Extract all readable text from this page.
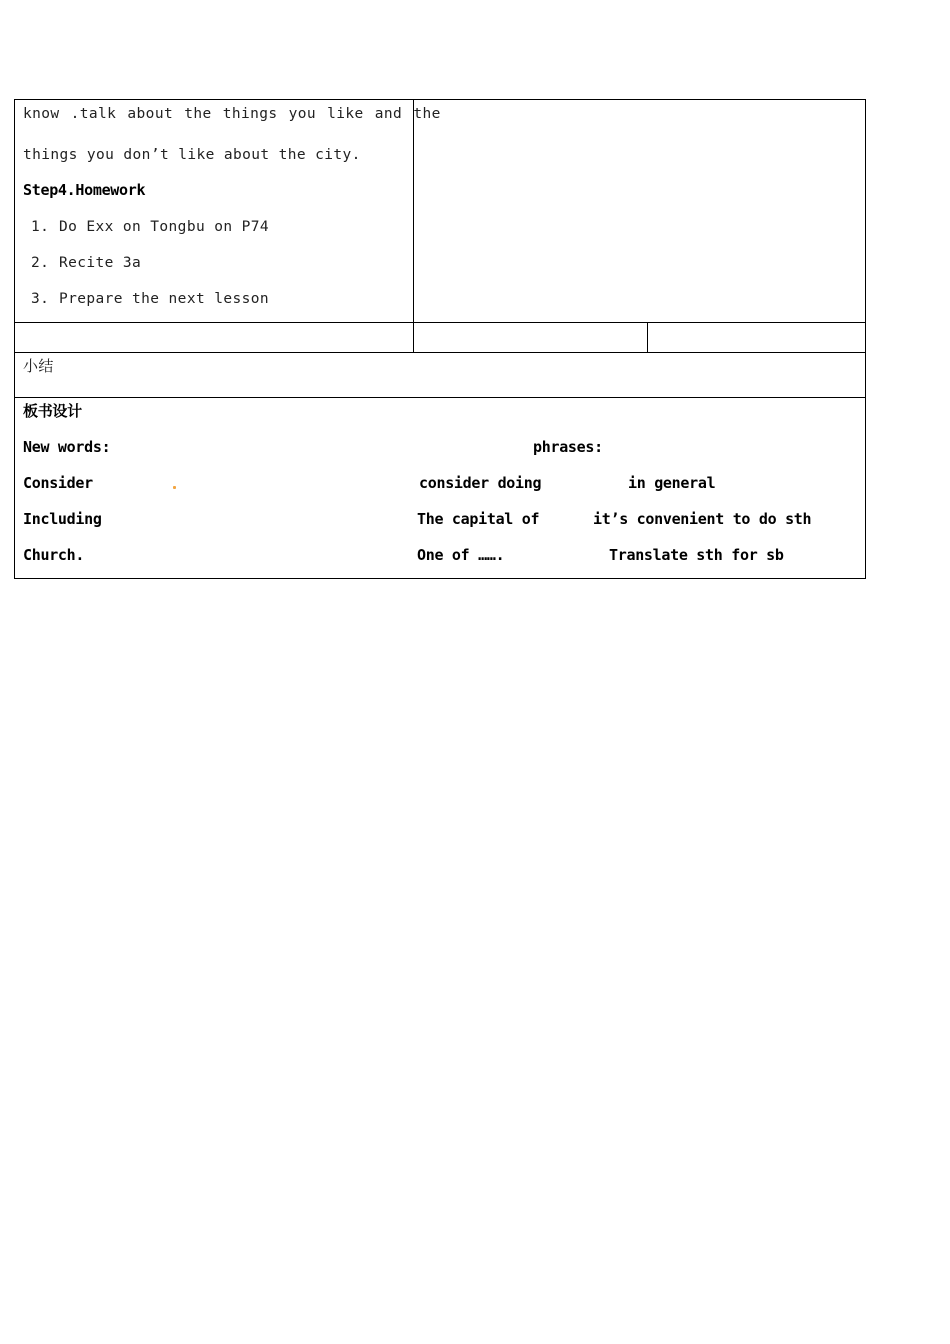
know .talk about the things you like and the
things you don’t like about the city.
Step4.Homework
1. Do Exx on Tongbu on P74
2. Recite 3a
3. Prepare the next lesson
小结
板书设计
New words:	phrases:
Consider	consider doing	in general
Including	The capital of	it’s convenient to do sth
Church.	One of …….	Translate sth for sb
